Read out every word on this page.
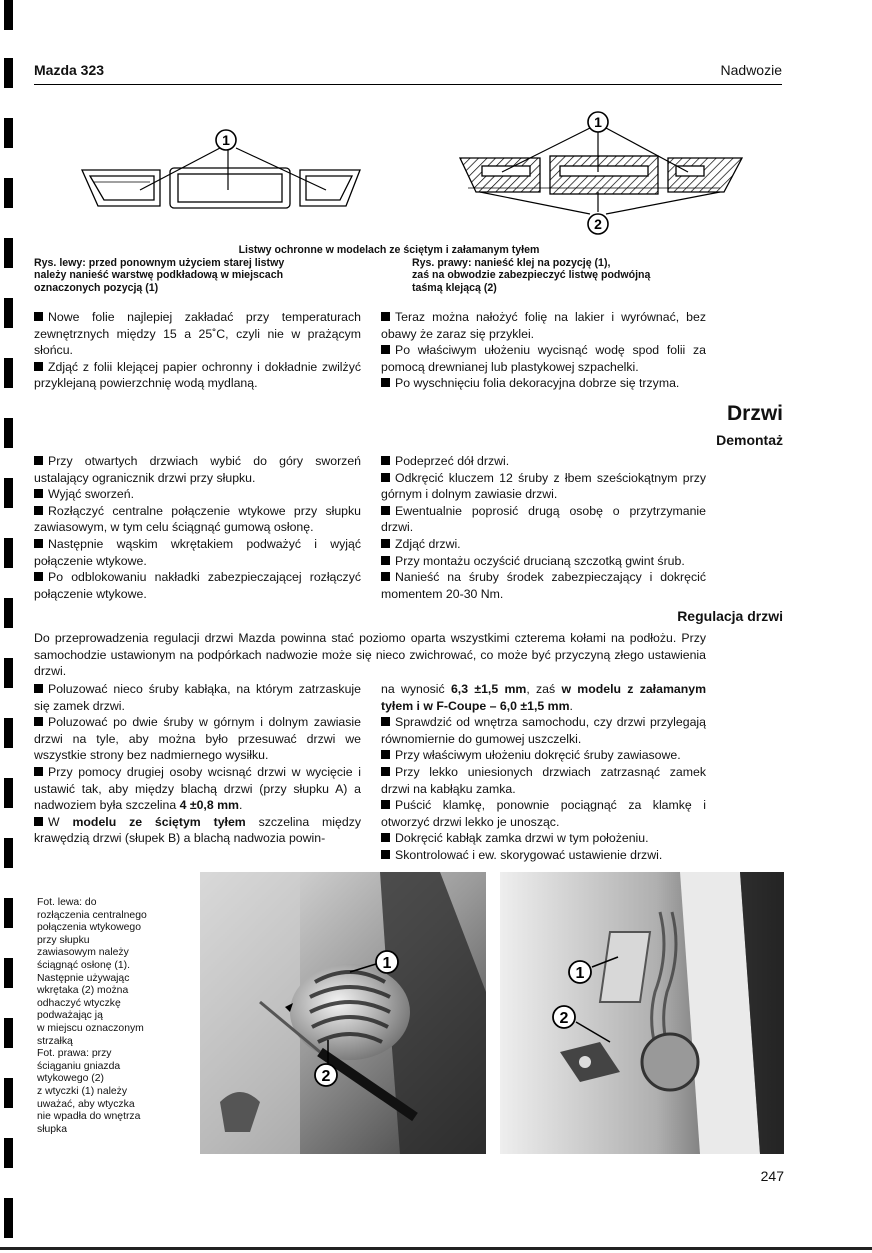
Mazda 323	Nadwozie
1
1
2
Listwy ochronne w modelach ze ściętym i załamanym tyłem
Rys. lewy: przed ponownym użyciem starej listwy
należy nanieść warstwę podkładową w miejscach
oznaczonych pozycją (1)
Rys. prawy: nanieść klej na pozycję (1),
zaś na obwodzie zabezpieczyć listwę podwójną
taśmą klejącą (2)

Nowe folie najlepiej zakładać przy temperaturach zewnętrznych między 15 a 25˚C, czyli nie w prażącym słońcu.

Zdjąć z folii klejącej papier ochronny i dokładnie zwilżyć przyklejaną powierzchnię wodą mydlaną.

Teraz można nałożyć folię na lakier i wyrównać, bez obawy że zaraz się przyklei.

Po właściwym ułożeniu wycisnąć wodę spod folii za pomocą drewnianej lub plastykowej szpachelki.

Po wyschnięciu folia dekoracyjna dobrze się trzyma.

Drzwi
Demontaż

Przy otwartych drzwiach wybić do góry sworzeń ustalający ogranicznik drzwi przy słupku.

Wyjąć sworzeń.

Rozłączyć centralne połączenie wtykowe przy słupku zawiasowym, w tym celu ściągnąć gumową osłonę.

Następnie wąskim wkrętakiem podważyć i wyjąć połączenie wtykowe.

Po odblokowaniu nakładki zabezpieczającej rozłączyć połączenie wtykowe.

Podeprzeć dół drzwi.

Odkręcić kluczem 12 śruby z łbem sześciokątnym przy górnym i dolnym zawiasie drzwi.

Ewentualnie poprosić drugą osobę o przytrzymanie drzwi.

Zdjąć drzwi.

Przy montażu oczyścić drucianą szczotką gwint śrub.

Nanieść na śruby środek zabezpieczający i dokręcić momentem 20-30 Nm.

Regulacja drzwi
Do przeprowadzenia regulacji drzwi Mazda powinna stać poziomo oparta wszystkimi czterema kołami na podłożu. Przy samochodzie ustawionym na podpórkach nadwozie może się nieco zwichrować, co może być przyczyną złego ustawienia drzwi.

Poluzować nieco śruby kabłąka, na którym zatrzaskuje się zamek drzwi.

Poluzować po dwie śruby w górnym i dolnym zawiasie drzwi na tyle, aby można było przesuwać drzwi we wszystkie strony bez nadmiernego wysiłku.

Przy pomocy drugiej osoby wcisnąć drzwi w wycięcie i ustawić tak, aby między blachą drzwi (przy słupku A) a nadwoziem była szczelina 4 ±0,8 mm.

W modelu ze ściętym tyłem szczelina między krawędzią drzwi (słupek B) a blachą nadwozia powin-

na wynosić 6,3 ±1,5 mm, zaś w modelu z załamanym tyłem i w F-Coupe – 6,0 ±1,5 mm.

Sprawdzić od wnętrza samochodu, czy drzwi przylegają równomiernie do gumowej uszczelki.

Przy właściwym ułożeniu dokręcić śruby zawiasowe.

Przy lekko uniesionych drzwiach zatrzasnąć zamek drzwi na kabłąku zamka.

Puścić klamkę, ponownie pociągnąć za klamkę i otworzyć drzwi lekko je unosząc.

Dokręcić kabłąk zamka drzwi w tym położeniu.

Skontrolować i ew. skorygować ustawienie drzwi.

Fot. lewa: do
rozłączenia centralnego
połączenia wtykowego
przy słupku
zawiasowym należy
ściągnąć osłonę (1).
Następnie używając
wkrętaka (2) można
odhaczyć wtyczkę
podważając ją
w miejscu oznaczonym
strzałką
Fot. prawa: przy
ściąganiu gniazda
wtykowego (2)
z wtyczki (1) należy
uważać, aby wtyczka
nie wpadła do wnętrza
słupka
1
2
1
2
247
